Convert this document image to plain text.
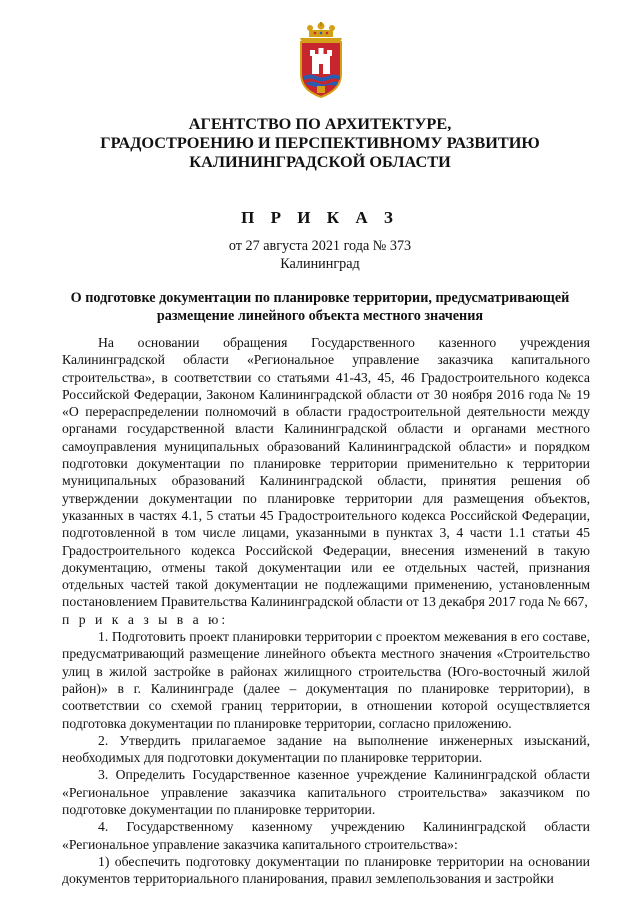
АГЕНТСТВО ПО АРХИТЕКТУРЕ,
ГРАДОСТРОЕНИЮ И ПЕРСПЕКТИВНОМУ РАЗВИТИЮ
КАЛИНИНГРАДСКОЙ ОБЛАСТИ
П Р И К А З
от 27 августа 2021 года № 373
Калининград
О подготовке документации по планировке территории, предусматривающей
размещение линейного объекта местного значения

На основании обращения Государственного казенного учреждения Калининградской области «Региональное управление заказчика капитального строительства», в соответствии со статьями 41-43, 45, 46 Градостроительного кодекса Российской Федерации, Законом Калининградской области от 30 ноября 2016 года № 19 «О перераспределении полномочий в области градостроительной деятельности между органами государственной власти Калининградской области и органами местного самоуправления муниципальных образований Калининградской области» и порядком подготовки документации по планировке территории применительно к территории муниципальных образований Калининградской области, принятия решения об утверждении документации по планировке территории для размещения объектов, указанных в частях 4.1, 5 статьи 45 Градостроительного кодекса Российской Федерации, подготовленной в том числе лицами, указанными в пунктах 3, 4 части 1.1 статьи 45 Градостроительного кодекса Российской Федерации, внесения изменений в такую документацию, отмены такой документации или ее отдельных частей, признания отдельных частей такой документации не подлежащими применению, установленным постановлением Правительства Калининградской области от 13 декабря 2017 года № 667,

п р и к а з ы в а ю:

1. Подготовить проект планировки территории с проектом межевания в его составе, предусматривающий размещение линейного объекта местного значения «Строительство улиц в жилой застройке в районах жилищного строительства (Юго-восточный жилой район)» в г. Калининграде (далее – документация по планировке территории), в соответствии со схемой границ территории, в отношении которой осуществляется подготовка документации по планировке территории, согласно приложению.

2. Утвердить прилагаемое задание на выполнение инженерных изысканий, необходимых для подготовки документации по планировке территории.

3. Определить Государственное казенное учреждение Калининградской области «Региональное управление заказчика капитального строительства» заказчиком по подготовке документации по планировке территории.

4. Государственному казенному учреждению Калининградской области «Региональное управление заказчика капитального строительства»:

1) обеспечить подготовку документации по планировке территории на основании документов территориального планирования, правил землепользования и застройки
